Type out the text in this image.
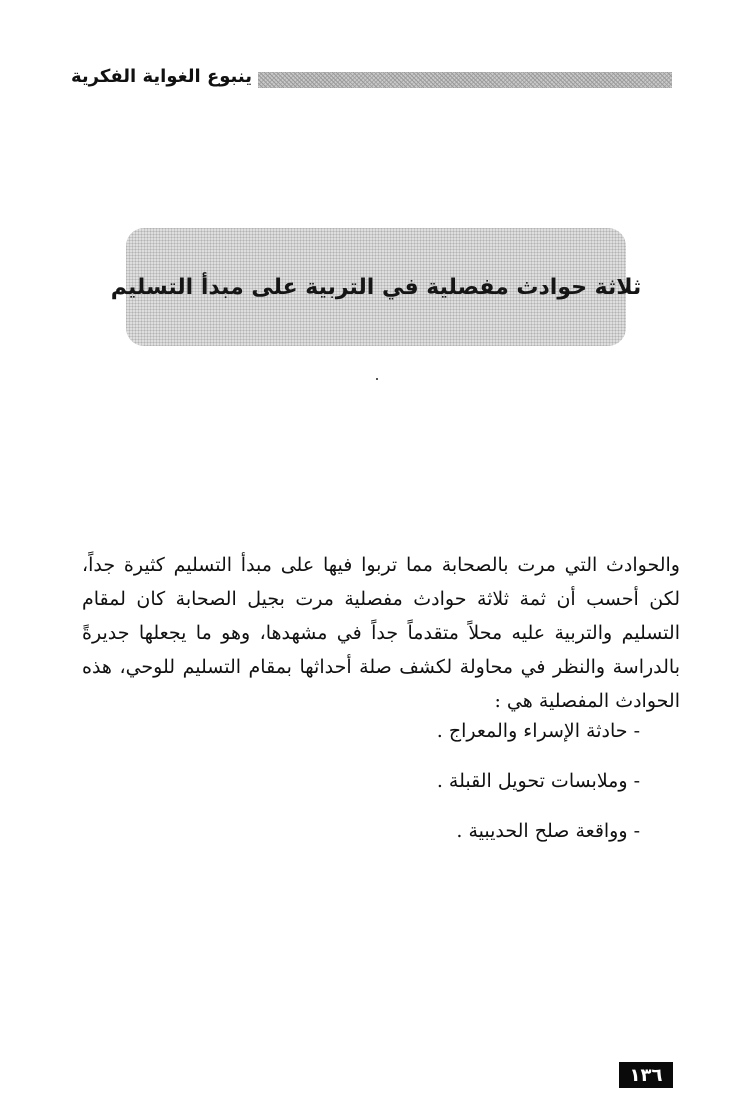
ينبوع الغواية الفكرية
ثلاثة حوادث مفصلية في التربية على مبدأ التسليم

والحوادث التي مرت بالصحابة مما تربوا فيها على مبدأ التسليم كثيرة جداً، لكن أحسب أن ثمة ثلاثة حوادث مفصلية مرت بجيل الصحابة كان لمقام التسليم والتربية عليه محلاً متقدماً جداً في مشهدها، وهو ما يجعلها جديرةً بالدراسة والنظر في محاولة لكشف صلة أحداثها بمقام التسليم للوحي، هذه الحوادث المفصلية هي :

- حادثة الإسراء والمعراج .
- وملابسات تحويل القبلة .
- وواقعة صلح الحديبية .
١٣٦
